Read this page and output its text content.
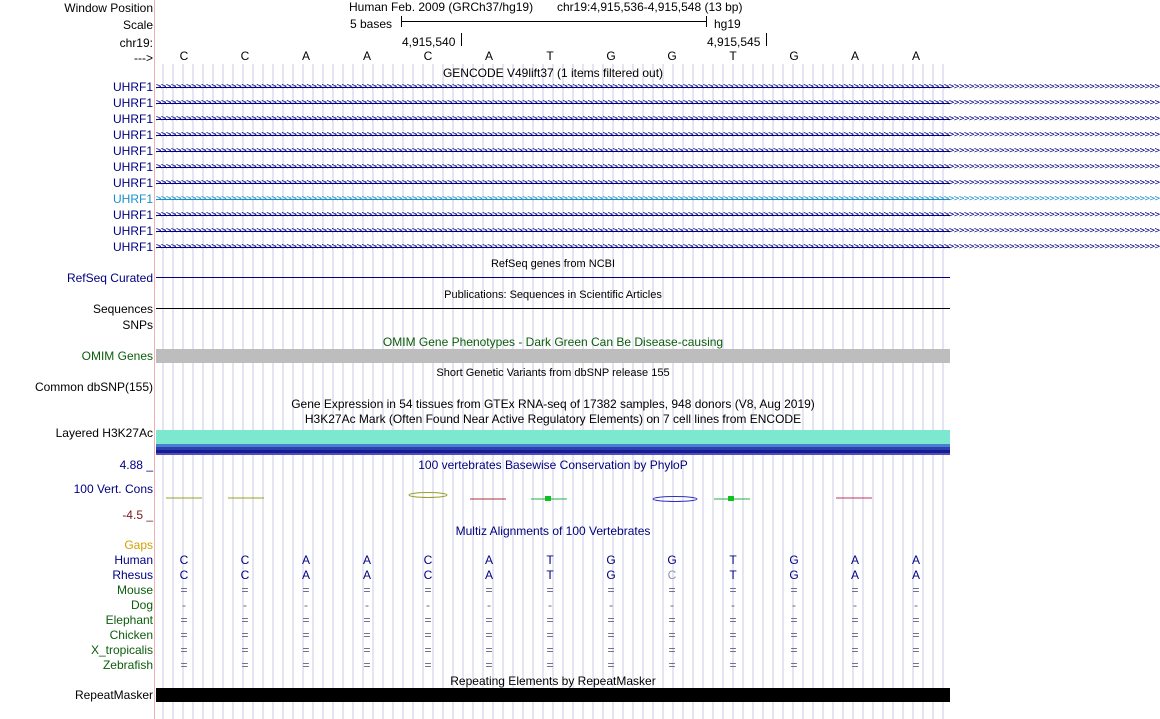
Window Position
Scale
chr19:
--->
Human Feb. 2009 (GRCh37/hg19) chr19:4,915,536-4,915,548 (13 bp)
5 bases	hg19
4,915,540	4,915,545
C	C	A	A	C	A	T	G	G	T	G	A	A
GENCODE V49lift37 (1 items filtered out)
UHRF1 >>>>>>>>>>>>>>>>>>>>>>>>>>>>>>>>>>>>>>>>>>>>>>>>>>>>>>>>>>>>>>>>>>>>>>>>>>>>>>>>>>>>>>>>>>>>>>>>>>>>>>>>>>>>>>>>>>>>>>>>>>>>>>>>>>>>>>>>>>>>>>>>>>>>>>>>>>>>>>>>>>>>>>>>>>>>>>>>>>>>>>>>>>>>>>>>>>>>>>>>
UHRF1 >>>>>>>>>>>>>>>>>>>>>>>>>>>>>>>>>>>>>>>>>>>>>>>>>>>>>>>>>>>>>>>>>>>>>>>>>>>>>>>>>>>>>>>>>>>>>>>>>>>>>>>>>>>>>>>>>>>>>>>>>>>>>>>>>>>>>>>>>>>>>>>>>>>>>>>>>>>>>>>>>>>>>>>>>>>>>>>>>>>>>>>>>>>>>>>>>>>>>>>>
UHRF1 >>>>>>>>>>>>>>>>>>>>>>>>>>>>>>>>>>>>>>>>>>>>>>>>>>>>>>>>>>>>>>>>>>>>>>>>>>>>>>>>>>>>>>>>>>>>>>>>>>>>>>>>>>>>>>>>>>>>>>>>>>>>>>>>>>>>>>>>>>>>>>>>>>>>>>>>>>>>>>>>>>>>>>>>>>>>>>>>>>>>>>>>>>>>>>>>>>>>>>>>
UHRF1 >>>>>>>>>>>>>>>>>>>>>>>>>>>>>>>>>>>>>>>>>>>>>>>>>>>>>>>>>>>>>>>>>>>>>>>>>>>>>>>>>>>>>>>>>>>>>>>>>>>>>>>>>>>>>>>>>>>>>>>>>>>>>>>>>>>>>>>>>>>>>>>>>>>>>>>>>>>>>>>>>>>>>>>>>>>>>>>>>>>>>>>>>>>>>>>>>>>>>>>>
UHRF1 >>>>>>>>>>>>>>>>>>>>>>>>>>>>>>>>>>>>>>>>>>>>>>>>>>>>>>>>>>>>>>>>>>>>>>>>>>>>>>>>>>>>>>>>>>>>>>>>>>>>>>>>>>>>>>>>>>>>>>>>>>>>>>>>>>>>>>>>>>>>>>>>>>>>>>>>>>>>>>>>>>>>>>>>>>>>>>>>>>>>>>>>>>>>>>>>>>>>>>>>
UHRF1 >>>>>>>>>>>>>>>>>>>>>>>>>>>>>>>>>>>>>>>>>>>>>>>>>>>>>>>>>>>>>>>>>>>>>>>>>>>>>>>>>>>>>>>>>>>>>>>>>>>>>>>>>>>>>>>>>>>>>>>>>>>>>>>>>>>>>>>>>>>>>>>>>>>>>>>>>>>>>>>>>>>>>>>>>>>>>>>>>>>>>>>>>>>>>>>>>>>>>>>>
UHRF1 >>>>>>>>>>>>>>>>>>>>>>>>>>>>>>>>>>>>>>>>>>>>>>>>>>>>>>>>>>>>>>>>>>>>>>>>>>>>>>>>>>>>>>>>>>>>>>>>>>>>>>>>>>>>>>>>>>>>>>>>>>>>>>>>>>>>>>>>>>>>>>>>>>>>>>>>>>>>>>>>>>>>>>>>>>>>>>>>>>>>>>>>>>>>>>>>>>>>>>>>
UHRF1 >>>>>>>>>>>>>>>>>>>>>>>>>>>>>>>>>>>>>>>>>>>>>>>>>>>>>>>>>>>>>>>>>>>>>>>>>>>>>>>>>>>>>>>>>>>>>>>>>>>>>>>>>>>>>>>>>>>>>>>>>>>>>>>>>>>>>>>>>>>>>>>>>>>>>>>>>>>>>>>>>>>>>>>>>>>>>>>>>>>>>>>>>>>>>>>>>>>>>>>>
UHRF1 >>>>>>>>>>>>>>>>>>>>>>>>>>>>>>>>>>>>>>>>>>>>>>>>>>>>>>>>>>>>>>>>>>>>>>>>>>>>>>>>>>>>>>>>>>>>>>>>>>>>>>>>>>>>>>>>>>>>>>>>>>>>>>>>>>>>>>>>>>>>>>>>>>>>>>>>>>>>>>>>>>>>>>>>>>>>>>>>>>>>>>>>>>>>>>>>>>>>>>>>
UHRF1 >>>>>>>>>>>>>>>>>>>>>>>>>>>>>>>>>>>>>>>>>>>>>>>>>>>>>>>>>>>>>>>>>>>>>>>>>>>>>>>>>>>>>>>>>>>>>>>>>>>>>>>>>>>>>>>>>>>>>>>>>>>>>>>>>>>>>>>>>>>>>>>>>>>>>>>>>>>>>>>>>>>>>>>>>>>>>>>>>>>>>>>>>>>>>>>>>>>>>>>>
UHRF1 >>>>>>>>>>>>>>>>>>>>>>>>>>>>>>>>>>>>>>>>>>>>>>>>>>>>>>>>>>>>>>>>>>>>>>>>>>>>>>>>>>>>>>>>>>>>>>>>>>>>>>>>>>>>>>>>>>>>>>>>>>>>>>>>>>>>>>>>>>>>>>>>>>>>>>>>>>>>>>>>>>>>>>>>>>>>>>>>>>>>>>>>>>>>>>>>>>>>>>>>
RefSeq genes from NCBI
RefSeq Curated
Publications: Sequences in Scientific Articles
Sequences
SNPs
OMIM Gene Phenotypes - Dark Green Can Be Disease-causing
OMIM Genes
Short Genetic Variants from dbSNP release 155
Common dbSNP(155)
Gene Expression in 54 tissues from GTEx RNA-seq of 17382 samples, 948 donors (V8, Aug 2019)
H3K27Ac Mark (Often Found Near Active Regulatory Elements) on 7 cell lines from ENCODE
Layered H3K27Ac
100 vertebrates Basewise Conservation by PhyloP
4.88 _
100 Vert. Cons
-4.5 _
Multiz Alignments of 100 Vertebrates
Gaps
Human	C	C	A	A	C	A	T	G	G	T	G	A	A
Rhesus	C	C	A	A	C	A	T	G	C	T	G	A	A
Mouse	=	=	=	=	=	=	=	=	=	=	=	=	=
Dog	-	-	-	-	-	-	-	-	-	-	-	-	-
Elephant	=	=	=	=	=	=	=	=	=	=	=	=	=
Chicken	=	=	=	=	=	=	=	=	=	=	=	=	=
X_tropicalis	=	=	=	=	=	=	=	=	=	=	=	=	=
Zebrafish	=	=	=	=	=	=	=	=	=	=	=	=	=
Repeating Elements by RepeatMasker
RepeatMasker
